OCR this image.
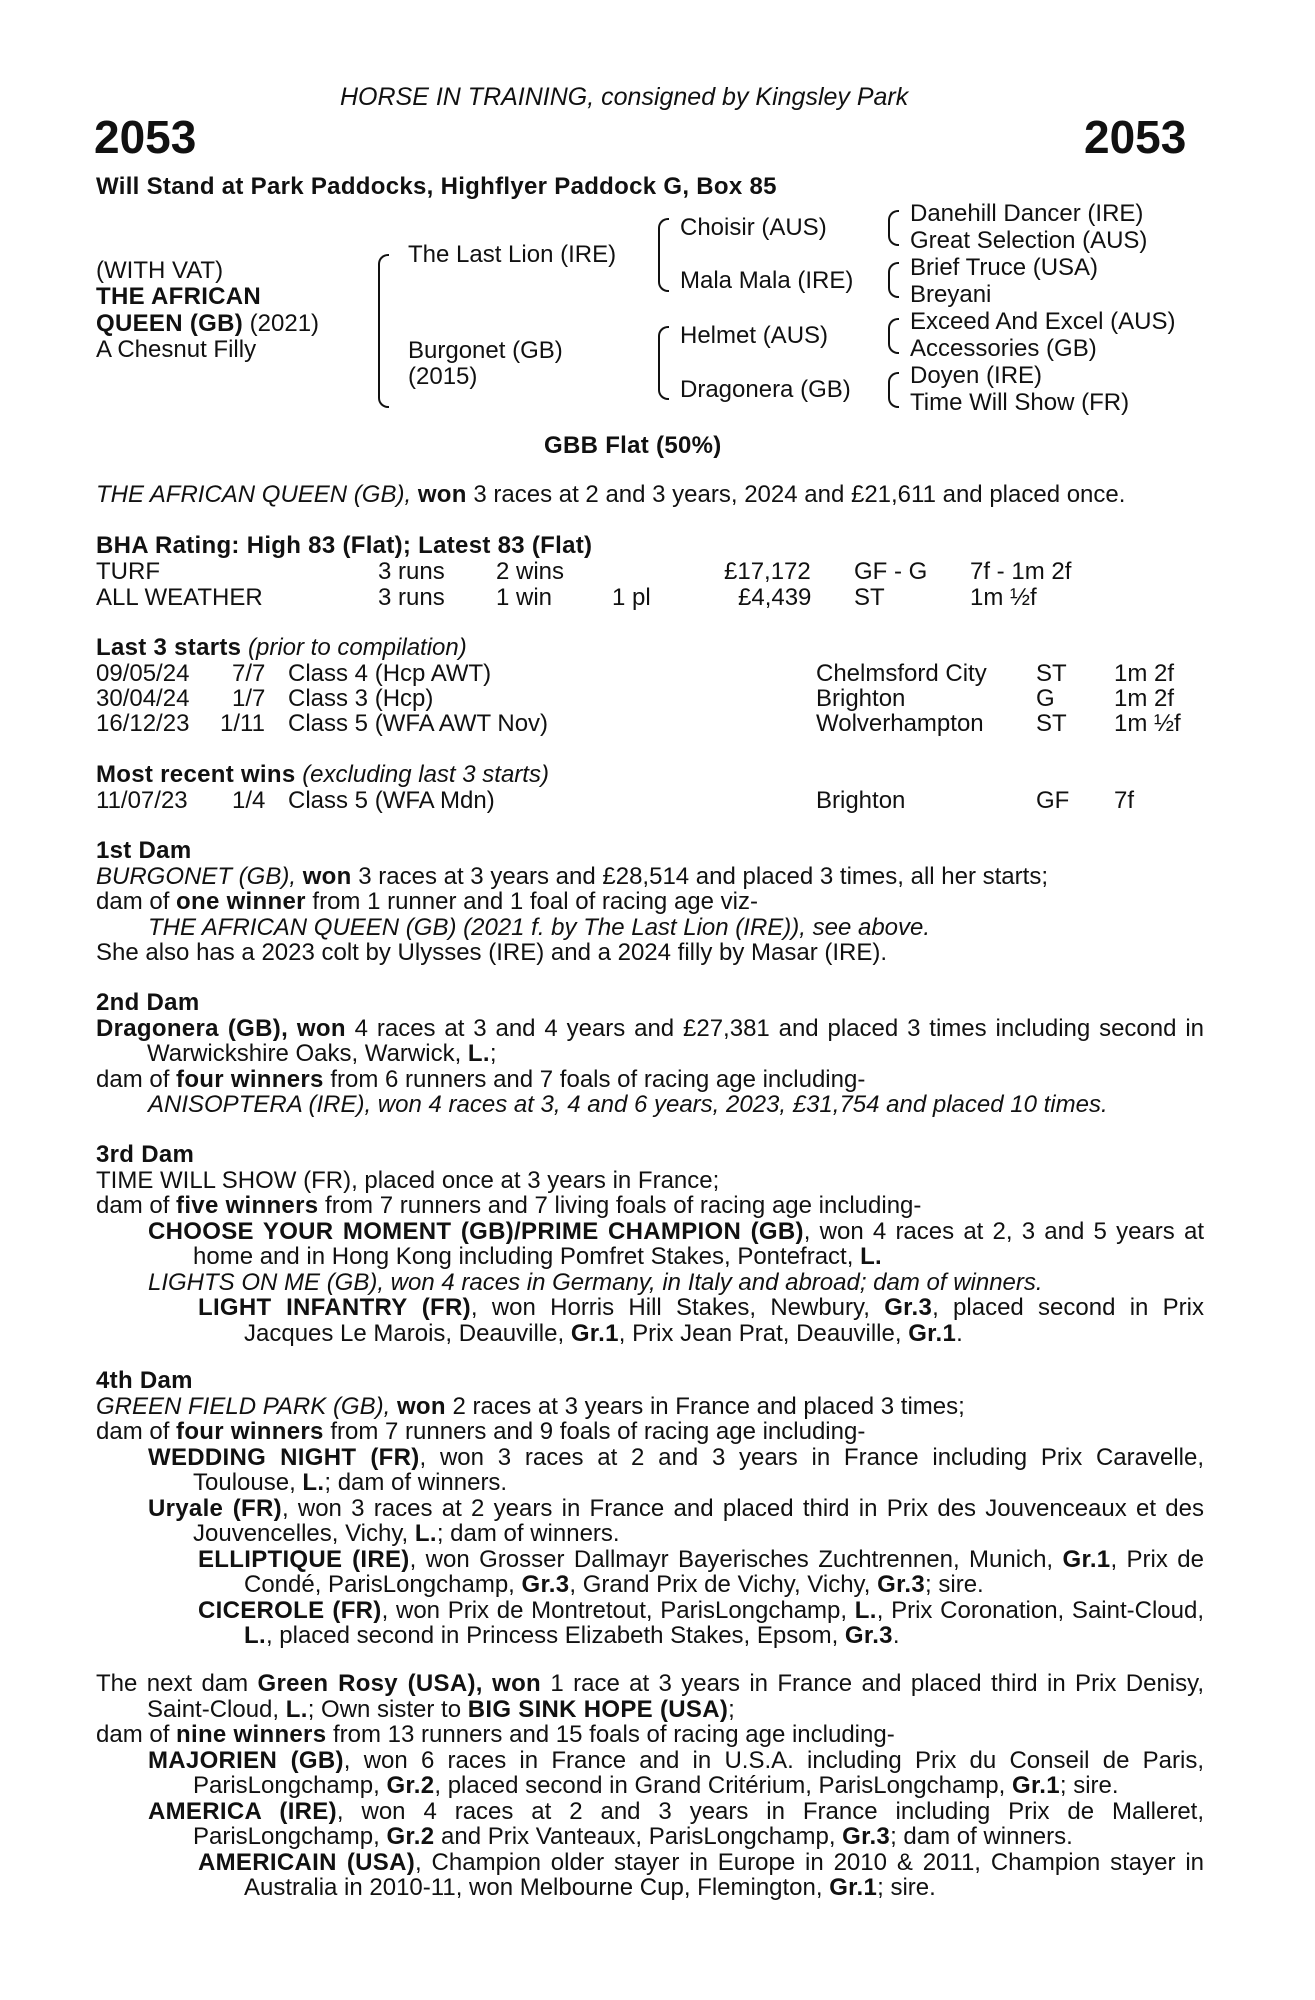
HORSE IN TRAINING, consigned by Kingsley Park
2053	2053
Will Stand at Park Paddocks, Highflyer Paddock G, Box 85
(WITH VAT)
THE AFRICAN
QUEEN (GB) (2021)
A Chesnut Filly
The Last Lion (IRE)
Burgonet (GB)
(2015)
Choisir (AUS)
Mala Mala (IRE)
Helmet (AUS)
Dragonera (GB)
Danehill Dancer (IRE)
Great Selection (AUS)
Brief Truce (USA)
Breyani
Exceed And Excel (AUS)
Accessories (GB)
Doyen (IRE)
Time Will Show (FR)
GBB Flat (50%)
THE AFRICAN QUEEN (GB), won 3 races at 2 and 3 years, 2024 and £21,611 and placed once.
BHA Rating: High 83 (Flat); Latest 83 (Flat)
TURF	3 runs 2 wins	£17,172 GF - G 7f - 1m 2f
ALL WEATHER	3 runs 1 win 1 pl	£4,439 ST	1m ½f
Last 3 starts (prior to compilation)
09/05/24 7/7 Class 4 (Hcp AWT)	Chelmsford City ST 1m 2f
30/04/24 1/7 Class 3 (Hcp)	Brighton	G 1m 2f
16/12/23 1/11 Class 5 (WFA AWT Nov)	Wolverhampton ST 1m ½f
Most recent wins (excluding last 3 starts)
11/07/23 1/4 Class 5 (WFA Mdn)	Brighton	GF 7f

1st Dam

BURGONET (GB), won 3 races at 3 years and £28,514 and placed 3 times, all her starts;

dam of one winner from 1 runner and 1 foal of racing age viz-

THE AFRICAN QUEEN (GB) (2021 f. by The Last Lion (IRE)), see above.

She also has a 2023 colt by Ulysses (IRE) and a 2024 filly by Masar (IRE).

2nd Dam

Dragonera (GB), won 4 races at 3 and 4 years and £27,381 and placed 3 times including second in Warwickshire Oaks, Warwick, L.;

dam of four winners from 6 runners and 7 foals of racing age including-

ANISOPTERA (IRE), won 4 races at 3, 4 and 6 years, 2023, £31,754 and placed 10 times.

3rd Dam

TIME WILL SHOW (FR), placed once at 3 years in France;

dam of five winners from 7 runners and 7 living foals of racing age including-

CHOOSE YOUR MOMENT (GB)/PRIME CHAMPION (GB), won 4 races at 2, 3 and 5 years at home and in Hong Kong including Pomfret Stakes, Pontefract, L.

LIGHTS ON ME (GB), won 4 races in Germany, in Italy and abroad; dam of winners.

LIGHT INFANTRY (FR), won Horris Hill Stakes, Newbury, Gr.3, placed second in Prix Jacques Le Marois, Deauville, Gr.1, Prix Jean Prat, Deauville, Gr.1.

4th Dam

GREEN FIELD PARK (GB), won 2 races at 3 years in France and placed 3 times;

dam of four winners from 7 runners and 9 foals of racing age including-

WEDDING NIGHT (FR), won 3 races at 2 and 3 years in France including Prix Caravelle, Toulouse, L.; dam of winners.

Uryale (FR), won 3 races at 2 years in France and placed third in Prix des Jouvenceaux et des Jouvencelles, Vichy, L.; dam of winners.

ELLIPTIQUE (IRE), won Grosser Dallmayr Bayerisches Zuchtrennen, Munich, Gr.1, Prix de Condé, ParisLongchamp, Gr.3, Grand Prix de Vichy, Vichy, Gr.3; sire.

CICEROLE (FR), won Prix de Montretout, ParisLongchamp, L., Prix Coronation, Saint-Cloud, L., placed second in Princess Elizabeth Stakes, Epsom, Gr.3.

The next dam Green Rosy (USA), won 1 race at 3 years in France and placed third in Prix Denisy, Saint-Cloud, L.; Own sister to BIG SINK HOPE (USA);

dam of nine winners from 13 runners and 15 foals of racing age including-

MAJORIEN (GB), won 6 races in France and in U.S.A. including Prix du Conseil de Paris, ParisLongchamp, Gr.2, placed second in Grand Critérium, ParisLongchamp, Gr.1; sire.

AMERICA (IRE), won 4 races at 2 and 3 years in France including Prix de Malleret, ParisLongchamp, Gr.2 and Prix Vanteaux, ParisLongchamp, Gr.3; dam of winners.

AMERICAIN (USA), Champion older stayer in Europe in 2010 & 2011, Champion stayer in Australia in 2010-11, won Melbourne Cup, Flemington, Gr.1; sire.
